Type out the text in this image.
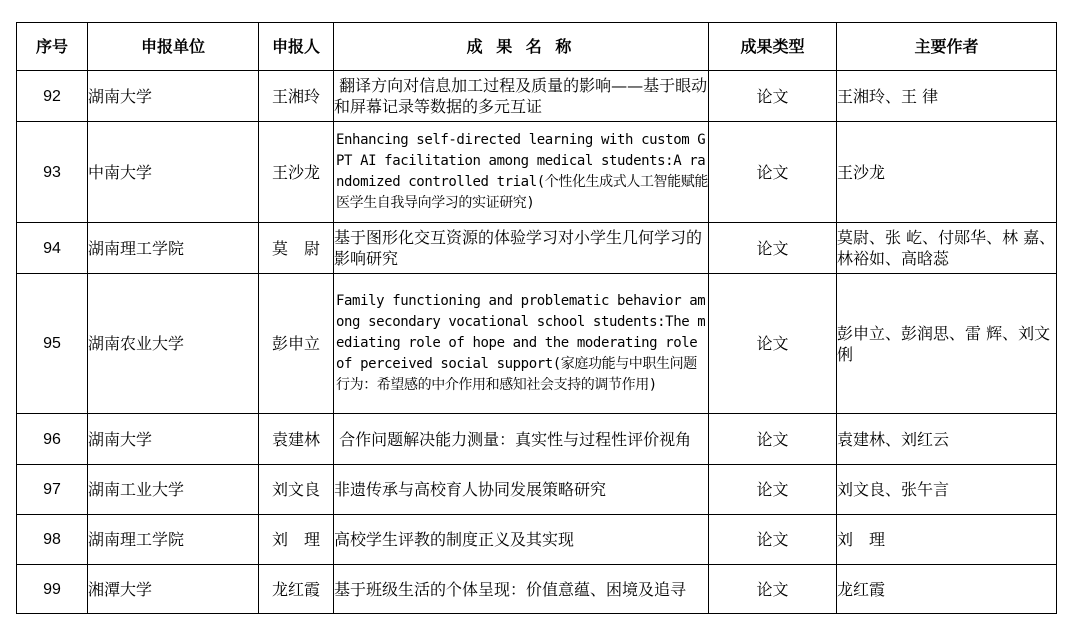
序号	申报单位	申报人	成 果 名 称	成果类型	主要作者
92	湖南大学	王湘玲	翻译方向对信息加工过程及质量的影响——基于眼动和屏幕记录等数据的多元互证	论文	王湘玲、王 律
93	中南大学	王沙龙	Enhancing self-directed learning with custom GPT AI facilitation among medical students:A randomized controlled trial(个性化生成式人工智能赋能医学生自我导向学习的实证研究)	论文	王沙龙
94	湖南理工学院	莫　尉	基于图形化交互资源的体验学习对小学生几何学习的影响研究	论文	莫尉、张 屹、付郧华、林 嘉、林裕如、高晗蕊
95	湖南农业大学	彭申立	Family functioning and problematic behavior among secondary vocational school students:The mediating role of hope and the moderating role of perceived social support(家庭功能与中职生问题行为：希望感的中介作用和感知社会支持的调节作用)	论文	彭申立、彭润思、雷 辉、刘文俐
96	湖南大学	袁建林	合作问题解决能力测量：真实性与过程性评价视角	论文	袁建林、刘红云
97	湖南工业大学	刘文良	非遗传承与高校育人协同发展策略研究	论文	刘文良、张午言
98	湖南理工学院	刘　理	高校学生评教的制度正义及其实现	论文	刘　理
99	湘潭大学	龙红霞	基于班级生活的个体呈现：价值意蕴、困境及追寻	论文	龙红霞
